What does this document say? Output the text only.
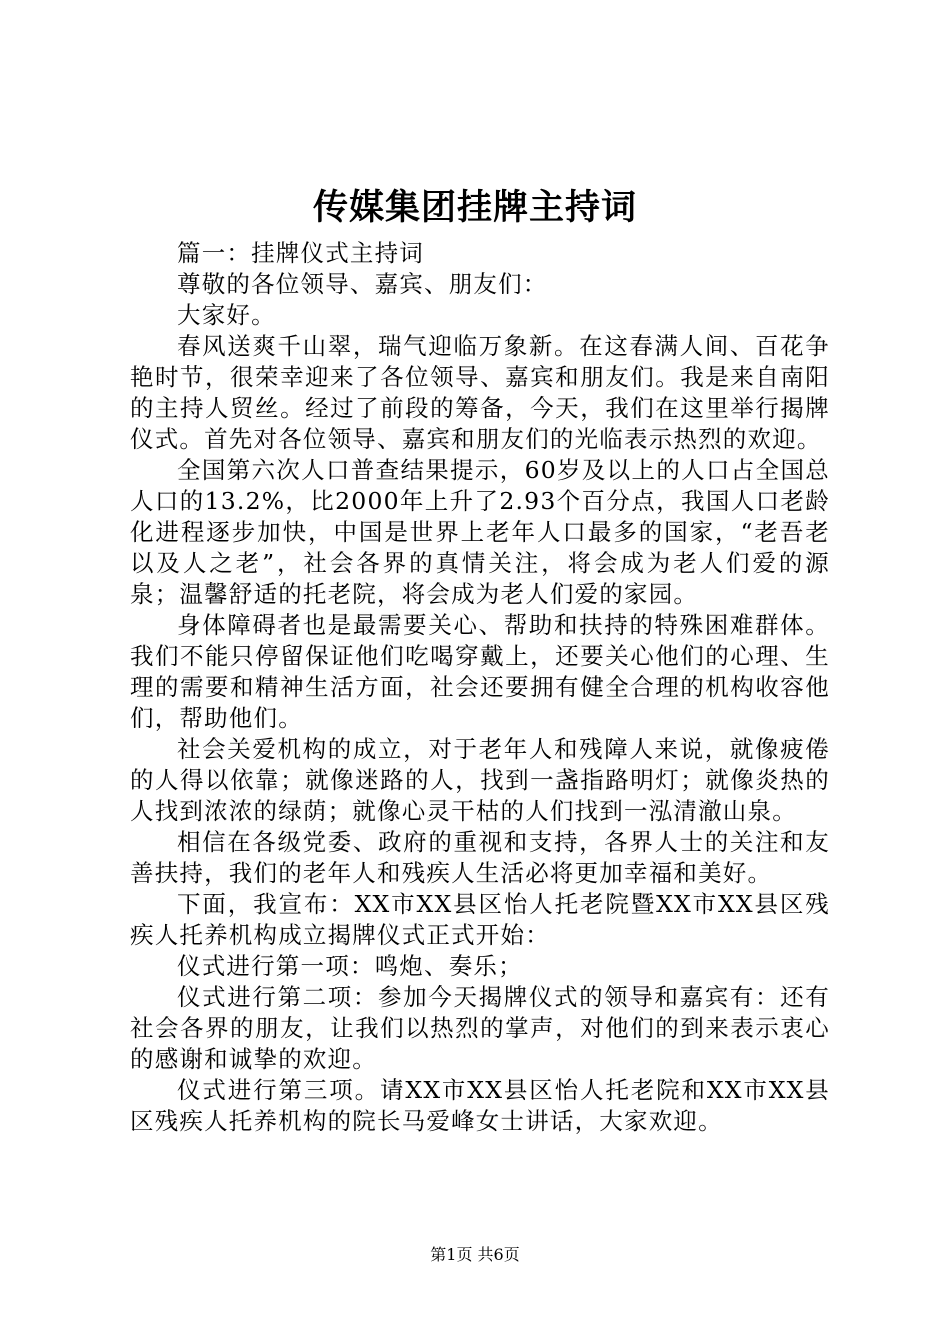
传媒集团挂牌主持词

篇一：挂牌仪式主持词

尊敬的各位领导、嘉宾、朋友们：

大家好。

春风送爽千山翠，瑞气迎临万象新。在这春满人间、百花争艳时节，很荣幸迎来了各位领导、嘉宾和朋友们。我是来自南阳的主持人贸丝。经过了前段的筹备，今天，我们在这里举行揭牌仪式。首先对各位领导、嘉宾和朋友们的光临表示热烈的欢迎。

全国第六次人口普查结果提示，60岁及以上的人口占全国总人口的13.2%，比2000年上升了2.93个百分点，我国人口老龄化进程逐步加快，中国是世界上老年人口最多的国家，“老吾老以及人之老”，社会各界的真情关注，将会成为老人们爱的源泉；温馨舒适的托老院，将会成为老人们爱的家园。

身体障碍者也是最需要关心、帮助和扶持的特殊困难群体。我们不能只停留保证他们吃喝穿戴上，还要关心他们的心理、生理的需要和精神生活方面，社会还要拥有健全合理的机构收容他们，帮助他们。

社会关爱机构的成立，对于老年人和残障人来说，就像疲倦的人得以依靠；就像迷路的人，找到一盏指路明灯；就像炎热的人找到浓浓的绿荫；就像心灵干枯的人们找到一泓清澈山泉。

相信在各级党委、政府的重视和支持，各界人士的关注和友善扶持，我们的老年人和残疾人生活必将更加幸福和美好。

下面，我宣布：XX市XX县区怡人托老院暨XX市XX县区残疾人托养机构成立揭牌仪式正式开始：

仪式进行第一项：鸣炮、奏乐；

仪式进行第二项：参加今天揭牌仪式的领导和嘉宾有：还有社会各界的朋友，让我们以热烈的掌声，对他们的到来表示衷心的感谢和诚挚的欢迎。

仪式进行第三项。请XX市XX县区怡人托老院和XX市XX县区残疾人托养机构的院长马爱峰女士讲话，大家欢迎。

第1页 共6页
